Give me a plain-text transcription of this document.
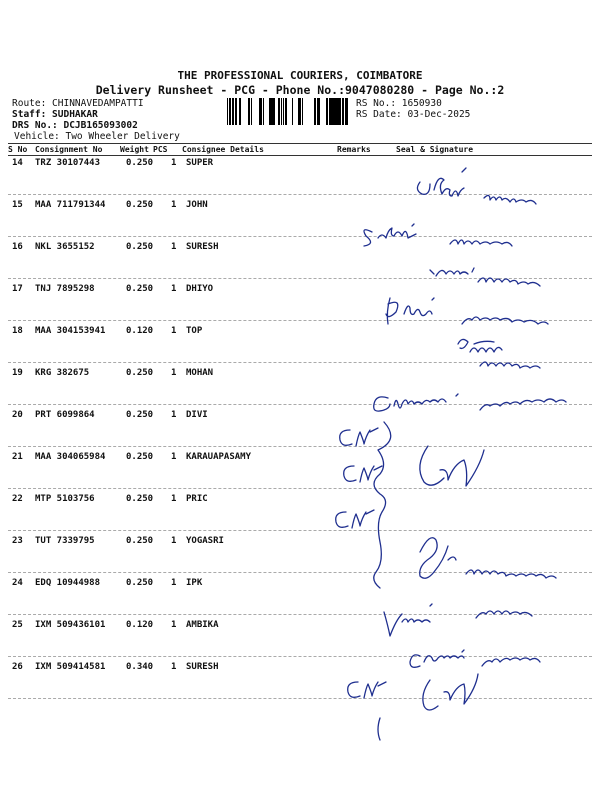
THE PROFESSIONAL COURIERS, COIMBATORE
Delivery Runsheet - PCG - Phone No.:9047080280 - Page No.:2
Route: CHINNAVEDAMPATTI
Staff: SUDHAKAR
DRS No.: DCJB165093002
Vehicle: Two Wheeler Delivery
RS No.: 1650930
RS Date: 03-Dec-2025
S No Consignment No Weight PCS Consignee Details	Remarks	Seal & Signature
14 TRZ 30107443	0.250 1 SUPER
15 MAA 711791344 0.250 1 JOHN
16 NKL 3655152	0.250 1 SURESH
17 TNJ 7895298	0.250 1 DHIYO
18 MAA 304153941 0.120 1 TOP
19 KRG 382675	0.250 1 MOHAN
20 PRT 6099864	0.250 1 DIVI
21 MAA 304065984 0.250 1 KARAUAPASAMY
22 MTP 5103756	0.250 1 PRIC
23 TUT 7339795	0.250 1 YOGASRI
24 EDQ 10944988	0.250 1 IPK
25 IXM 509436101 0.120 1 AMBIKA
26 IXM 509414581 0.340 1 SURESH
